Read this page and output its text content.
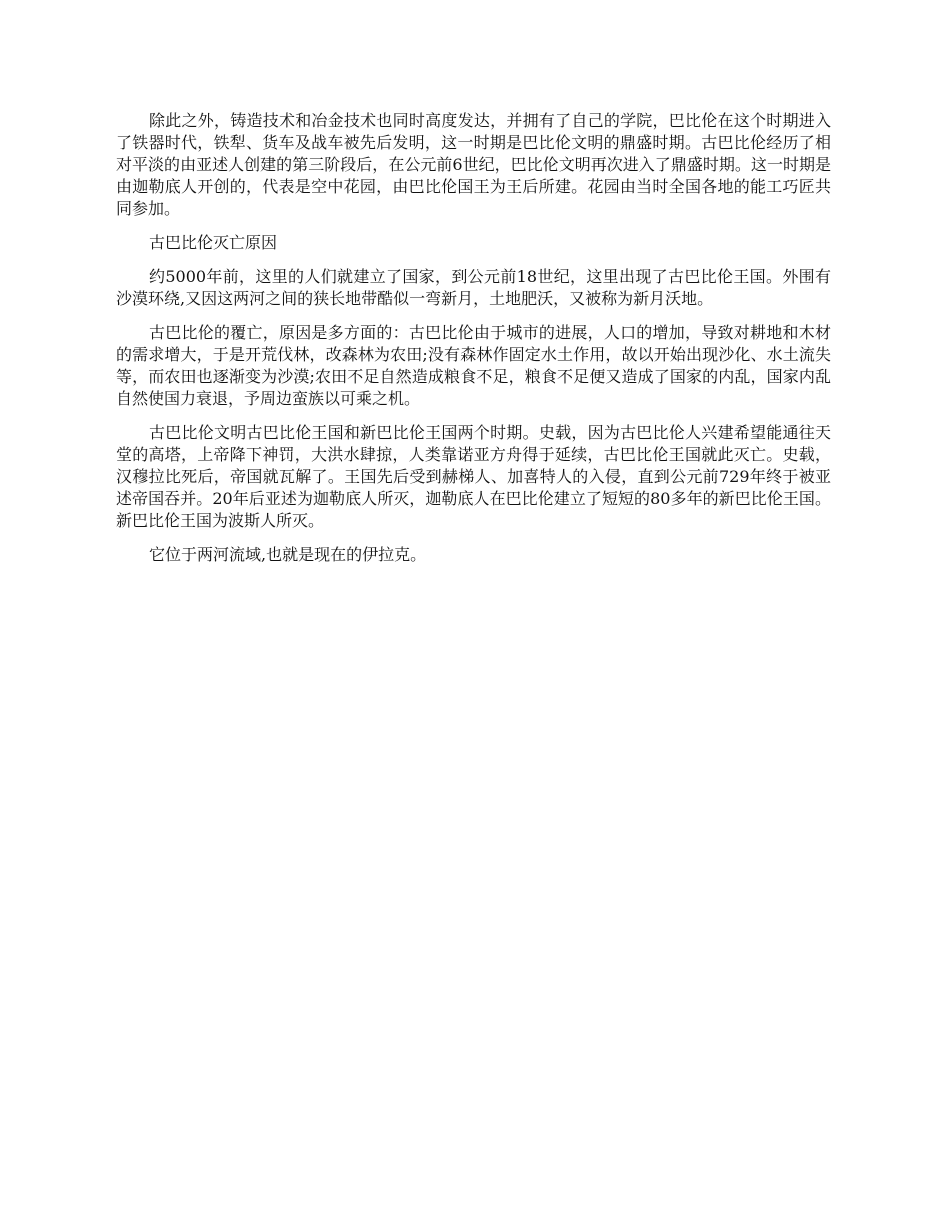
除此之外，铸造技术和冶金技术也同时高度发达，并拥有了自己的学院，巴比伦在这个时期进入了铁器时代，铁犁、货车及战车被先后发明，这一时期是巴比伦文明的鼎盛时期。古巴比伦经历了相对平淡的由亚述人创建的第三阶段后，在公元前6世纪，巴比伦文明再次进入了鼎盛时期。这一时期是由迦勒底人开创的，代表是空中花园，由巴比伦国王为王后所建。花园由当时全国各地的能工巧匠共同参加。

古巴比伦灭亡原因

约5000年前，这里的人们就建立了国家，到公元前18世纪，这里出现了古巴比伦王国。外围有沙漠环绕,又因这两河之间的狭长地带酷似一弯新月，土地肥沃，又被称为新月沃地。

古巴比伦的覆亡，原因是多方面的：古巴比伦由于城市的进展，人口的增加，导致对耕地和木材的需求增大，于是开荒伐林，改森林为农田;没有森林作固定水土作用，故以开始出现沙化、水土流失等，而农田也逐渐变为沙漠;农田不足自然造成粮食不足，粮食不足便又造成了国家的内乱，国家内乱自然使国力衰退，予周边蛮族以可乘之机。

古巴比伦文明古巴比伦王国和新巴比伦王国两个时期。史载，因为古巴比伦人兴建希望能通往天堂的高塔，上帝降下神罚，大洪水肆掠，人类靠诺亚方舟得于延续，古巴比伦王国就此灭亡。史载，汉穆拉比死后，帝国就瓦解了。王国先后受到赫梯人、加喜特人的入侵，直到公元前729年终于被亚述帝国吞并。20年后亚述为迦勒底人所灭，迦勒底人在巴比伦建立了短短的80多年的新巴比伦王国。新巴比伦王国为波斯人所灭。

它位于两河流域,也就是现在的伊拉克。
